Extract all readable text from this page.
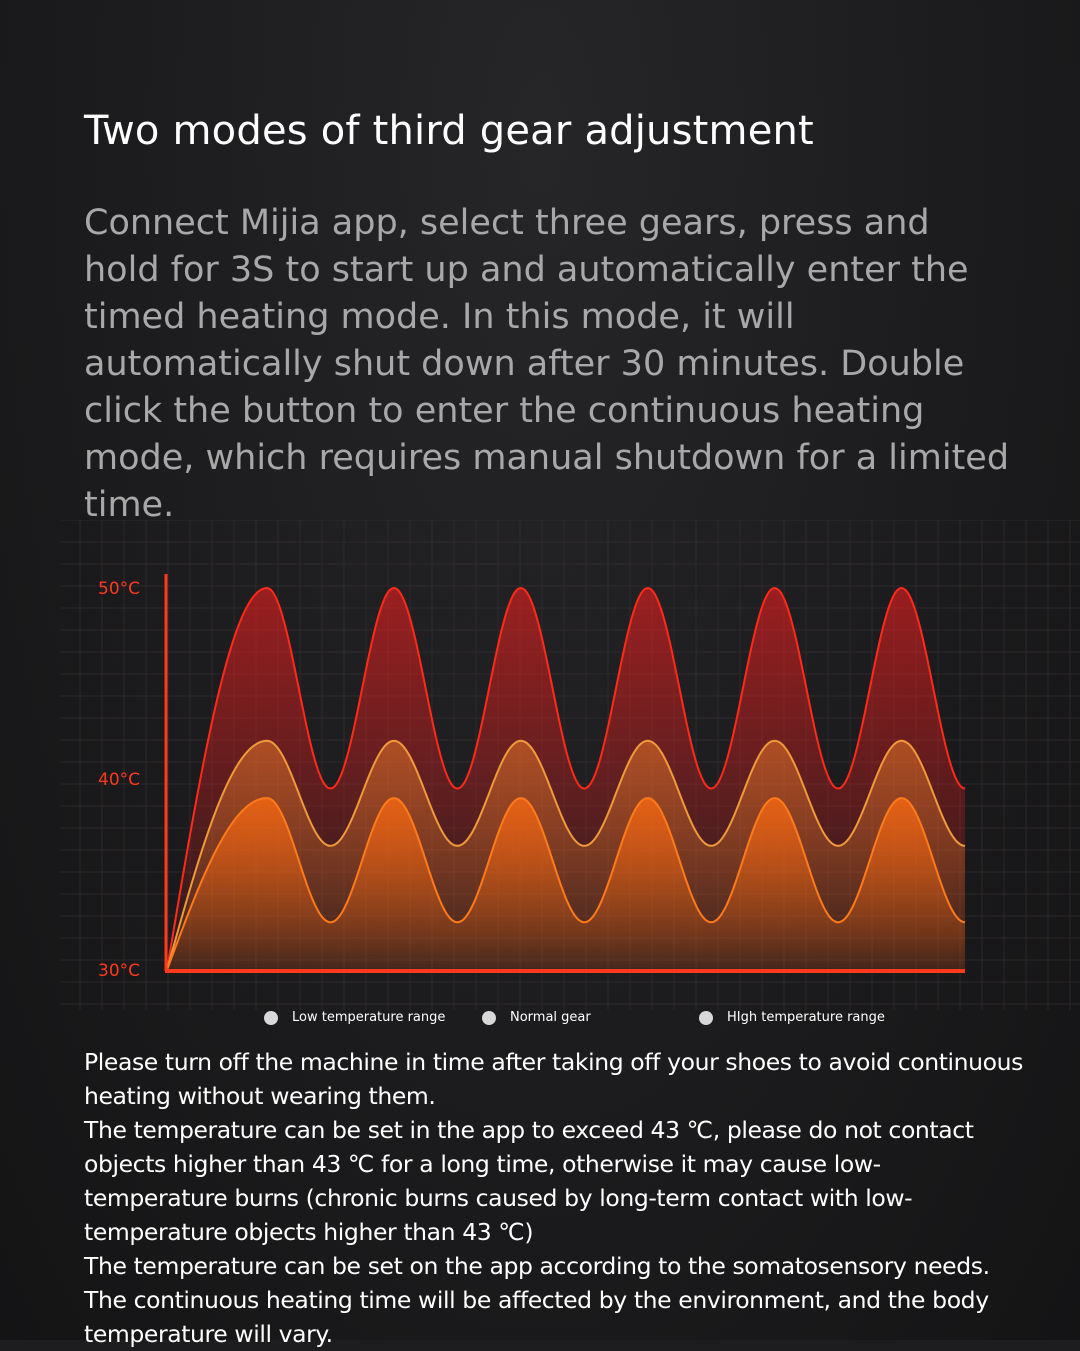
Two modes of third gear adjustment

Connect Mijia app, select three gears, press and hold for 3S to start up and automatically enter the timed heating mode. In this mode, it will automatically shut down after 30 minutes. Double click the button to enter the continuous heating mode, which requires manual shutdown for a limited time.

50°C
40°C
30°C
Low temperature range	Normal gear	HIgh temperature range

Please turn off the machine in time after taking off your shoes to avoid continuous heating without wearing them.

The temperature can be set in the app to exceed 43 ℃, please do not contact objects higher than 43 ℃ for a long time, otherwise it may cause low-temperature burns (chronic burns caused by long-term contact with low-temperature objects higher than 43 ℃)

The temperature can be set on the app according to the somatosensory needs. The continuous heating time will be affected by the environment, and the body temperature will vary.
